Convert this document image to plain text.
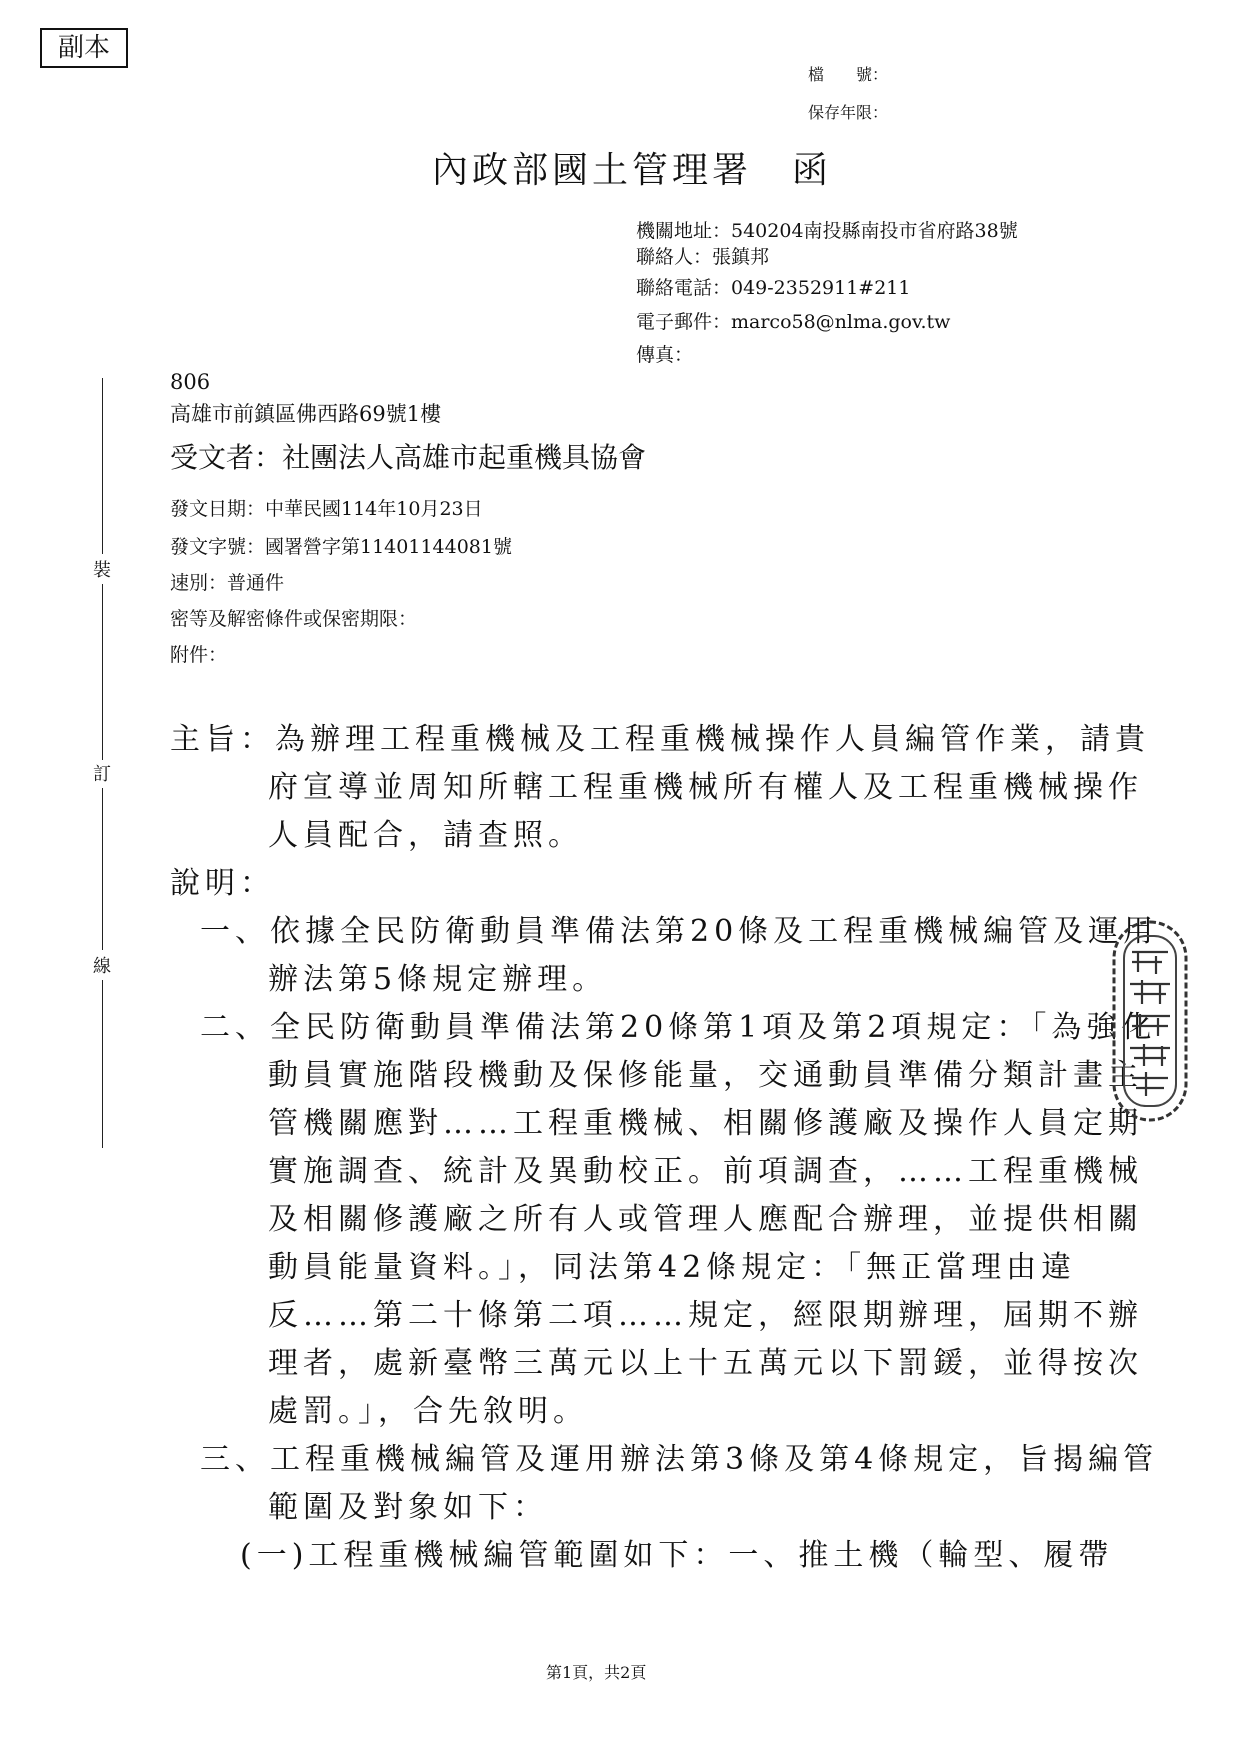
副本
檔　　號：
保存年限：
內政部國土管理署　函
機關地址：540204南投縣南投市省府路38號
聯絡人：張鎮邦
聯絡電話：049-2352911#211
電子郵件：marco58@nlma.gov.tw
傳真：
806
高雄市前鎮區佛西路69號1樓
受文者：社團法人高雄市起重機具協會
發文日期：中華民國114年10月23日
發文字號：國署營字第11401144081號
速別：普通件
密等及解密條件或保密期限：
附件：
裝
訂
線
主旨：為辦理工程重機械及工程重機械操作人員編管作業，請貴
府宣導並周知所轄工程重機械所有權人及工程重機械操作
人員配合，請查照。
說明：
一、依據全民防衛動員準備法第20條及工程重機械編管及運用
辦法第5條規定辦理。
二、全民防衛動員準備法第20條第1項及第2項規定：「為強化
動員實施階段機動及保修能量，交通動員準備分類計畫主
管機關應對……工程重機械、相關修護廠及操作人員定期
實施調查、統計及異動校正。前項調查，……工程重機械
及相關修護廠之所有人或管理人應配合辦理，並提供相關
動員能量資料。」，同法第42條規定：「無正當理由違
反……第二十條第二項……規定，經限期辦理，屆期不辦
理者，處新臺幣三萬元以上十五萬元以下罰鍰，並得按次
處罰。」，合先敘明。
三、工程重機械編管及運用辦法第3條及第4條規定，旨揭編管
範圍及對象如下：
(一)工程重機械編管範圍如下：一、推土機（輪型、履帶
第1頁，共2頁
